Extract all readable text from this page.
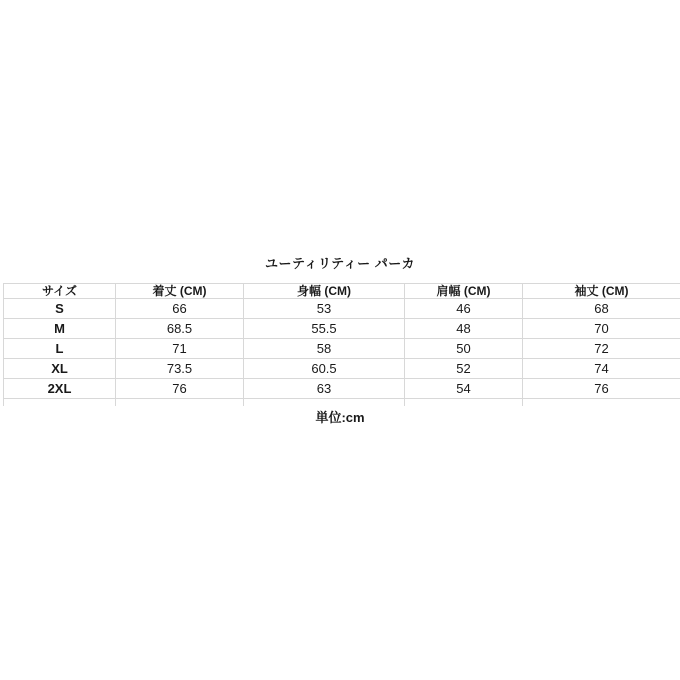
ユーティリティー パーカ
サイズ	着丈 (CM)	身幅 (CM)	肩幅 (CM)	袖丈 (CM)
S	66	53	46	68
M	68.5	55.5	48	70
L	71	58	50	72
XL	73.5	60.5	52	74
2XL	76	63	54	76

単位:cm
